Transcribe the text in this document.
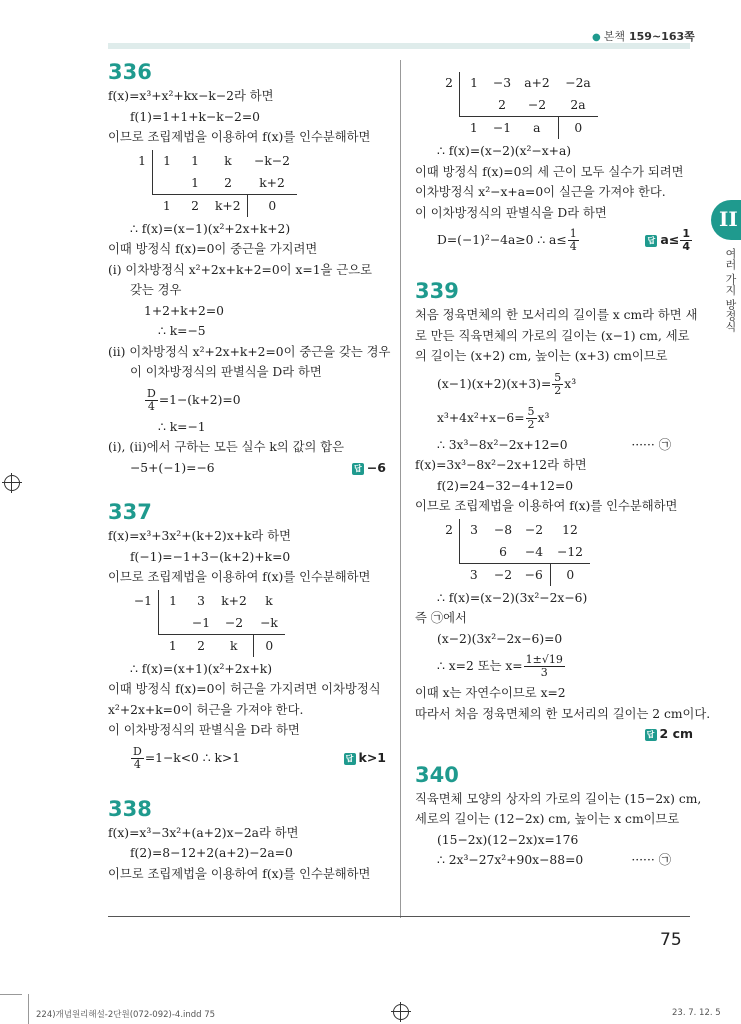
● 본책 159~163쪽
II
여러 가지 방정식
336
f(x)=x³+x²+kx−k−2라 하면
f(1)=1+1+k−k−2=0
이므로 조립제법을 이용하여 f(x)를 인수분해하면
1	1	1	k	−k−2
		1	2	k+2
	1	2	k+2	0
∴ f(x)=(x−1)(x²+2x+k+2)
이때 방정식 f(x)=0이 중근을 가지려면
(ⅰ) 이차방정식 x²+2x+k+2=0이 x=1을 근으로
갖는 경우
1+2+k+2=0
∴ k=−5
(ⅱ) 이차방정식 x²+2x+k+2=0이 중근을 갖는 경우
이 이차방정식의 판별식을 D라 하면
$\frac{D}{4} =1-(k+2)=0$
∴ k=−1
(ⅰ), (ⅱ)에서 구하는 모든 실수 k의 값의 합은
−5+(−1)=−6	답 −6
337
f(x)=x³+3x²+(k+2)x+k라 하면
f(−1)=−1+3−(k+2)+k=0
이므로 조립제법을 이용하여 f(x)를 인수분해하면
−1	1	3	k+2	k
		−1	−2	−k
	1	2	k	0
∴ f(x)=(x+1)(x²+2x+k)
이때 방정식 f(x)=0이 허근을 가지려면 이차방정식
x²+2x+k=0이 허근을 가져야 한다.
이 이차방정식의 판별식을 D라 하면
$\frac{D}{4} =1-k<0$ ∴ k>1	답 k>1
338
f(x)=x³−3x²+(a+2)x−2a라 하면
f(2)=8−12+2(a+2)−2a=0
이므로 조립제법을 이용하여 f(x)를 인수분해하면
2	1	−3	a+2	−2a
		2	−2	2a
	1	−1	a	0
∴ f(x)=(x−2)(x²−x+a)
이때 방정식 f(x)=0의 세 근이 모두 실수가 되려면
이차방정식 x²−x+a=0이 실근을 가져야 한다.
이 이차방정식의 판별식을 D라 하면
D=(−1)²−4a≥0 ∴ $a\le \frac{1}{4}$	답 $a\le \frac{1}{4}$
339
처음 정육면체의 한 모서리의 길이를 x cm라 하면 새
로 만든 직육면체의 가로의 길이는 (x−1) cm, 세로
의 길이는 (x+2) cm, 높이는 (x+3) cm이므로
$(x-1)(x+2)(x+3)= \frac{5}{2} x^3$
$x^3+4x^2+x-6= \frac{5}{2} x^3$
∴ 3x³−8x²−2x+12=0	······ ㉠
f(x)=3x³−8x²−2x+12라 하면
f(2)=24−32−4+12=0
이므로 조립제법을 이용하여 f(x)를 인수분해하면
2	3	−8	−2	12
		6	−4	−12
	3	−2	−6	0
∴ f(x)=(x−2)(3x²−2x−6)
즉 ㉠에서
(x−2)(3x²−2x−6)=0
∴ x=2 또는 $x= \frac{1\pm√19}{3}$
이때 x는 자연수이므로 x=2
따라서 처음 정육면체의 한 모서리의 길이는 2 cm이다.
답 2 cm
340
직육면체 모양의 상자의 가로의 길이는 (15−2x) cm,
세로의 길이는 (12−2x) cm, 높이는 x cm이므로
(15−2x)(12−2x)x=176
∴ 2x³−27x²+90x−88=0	······ ㉠
75
224)개념원리해설-2단원(072-092)-4.indd 75	23. 7. 12. 5
